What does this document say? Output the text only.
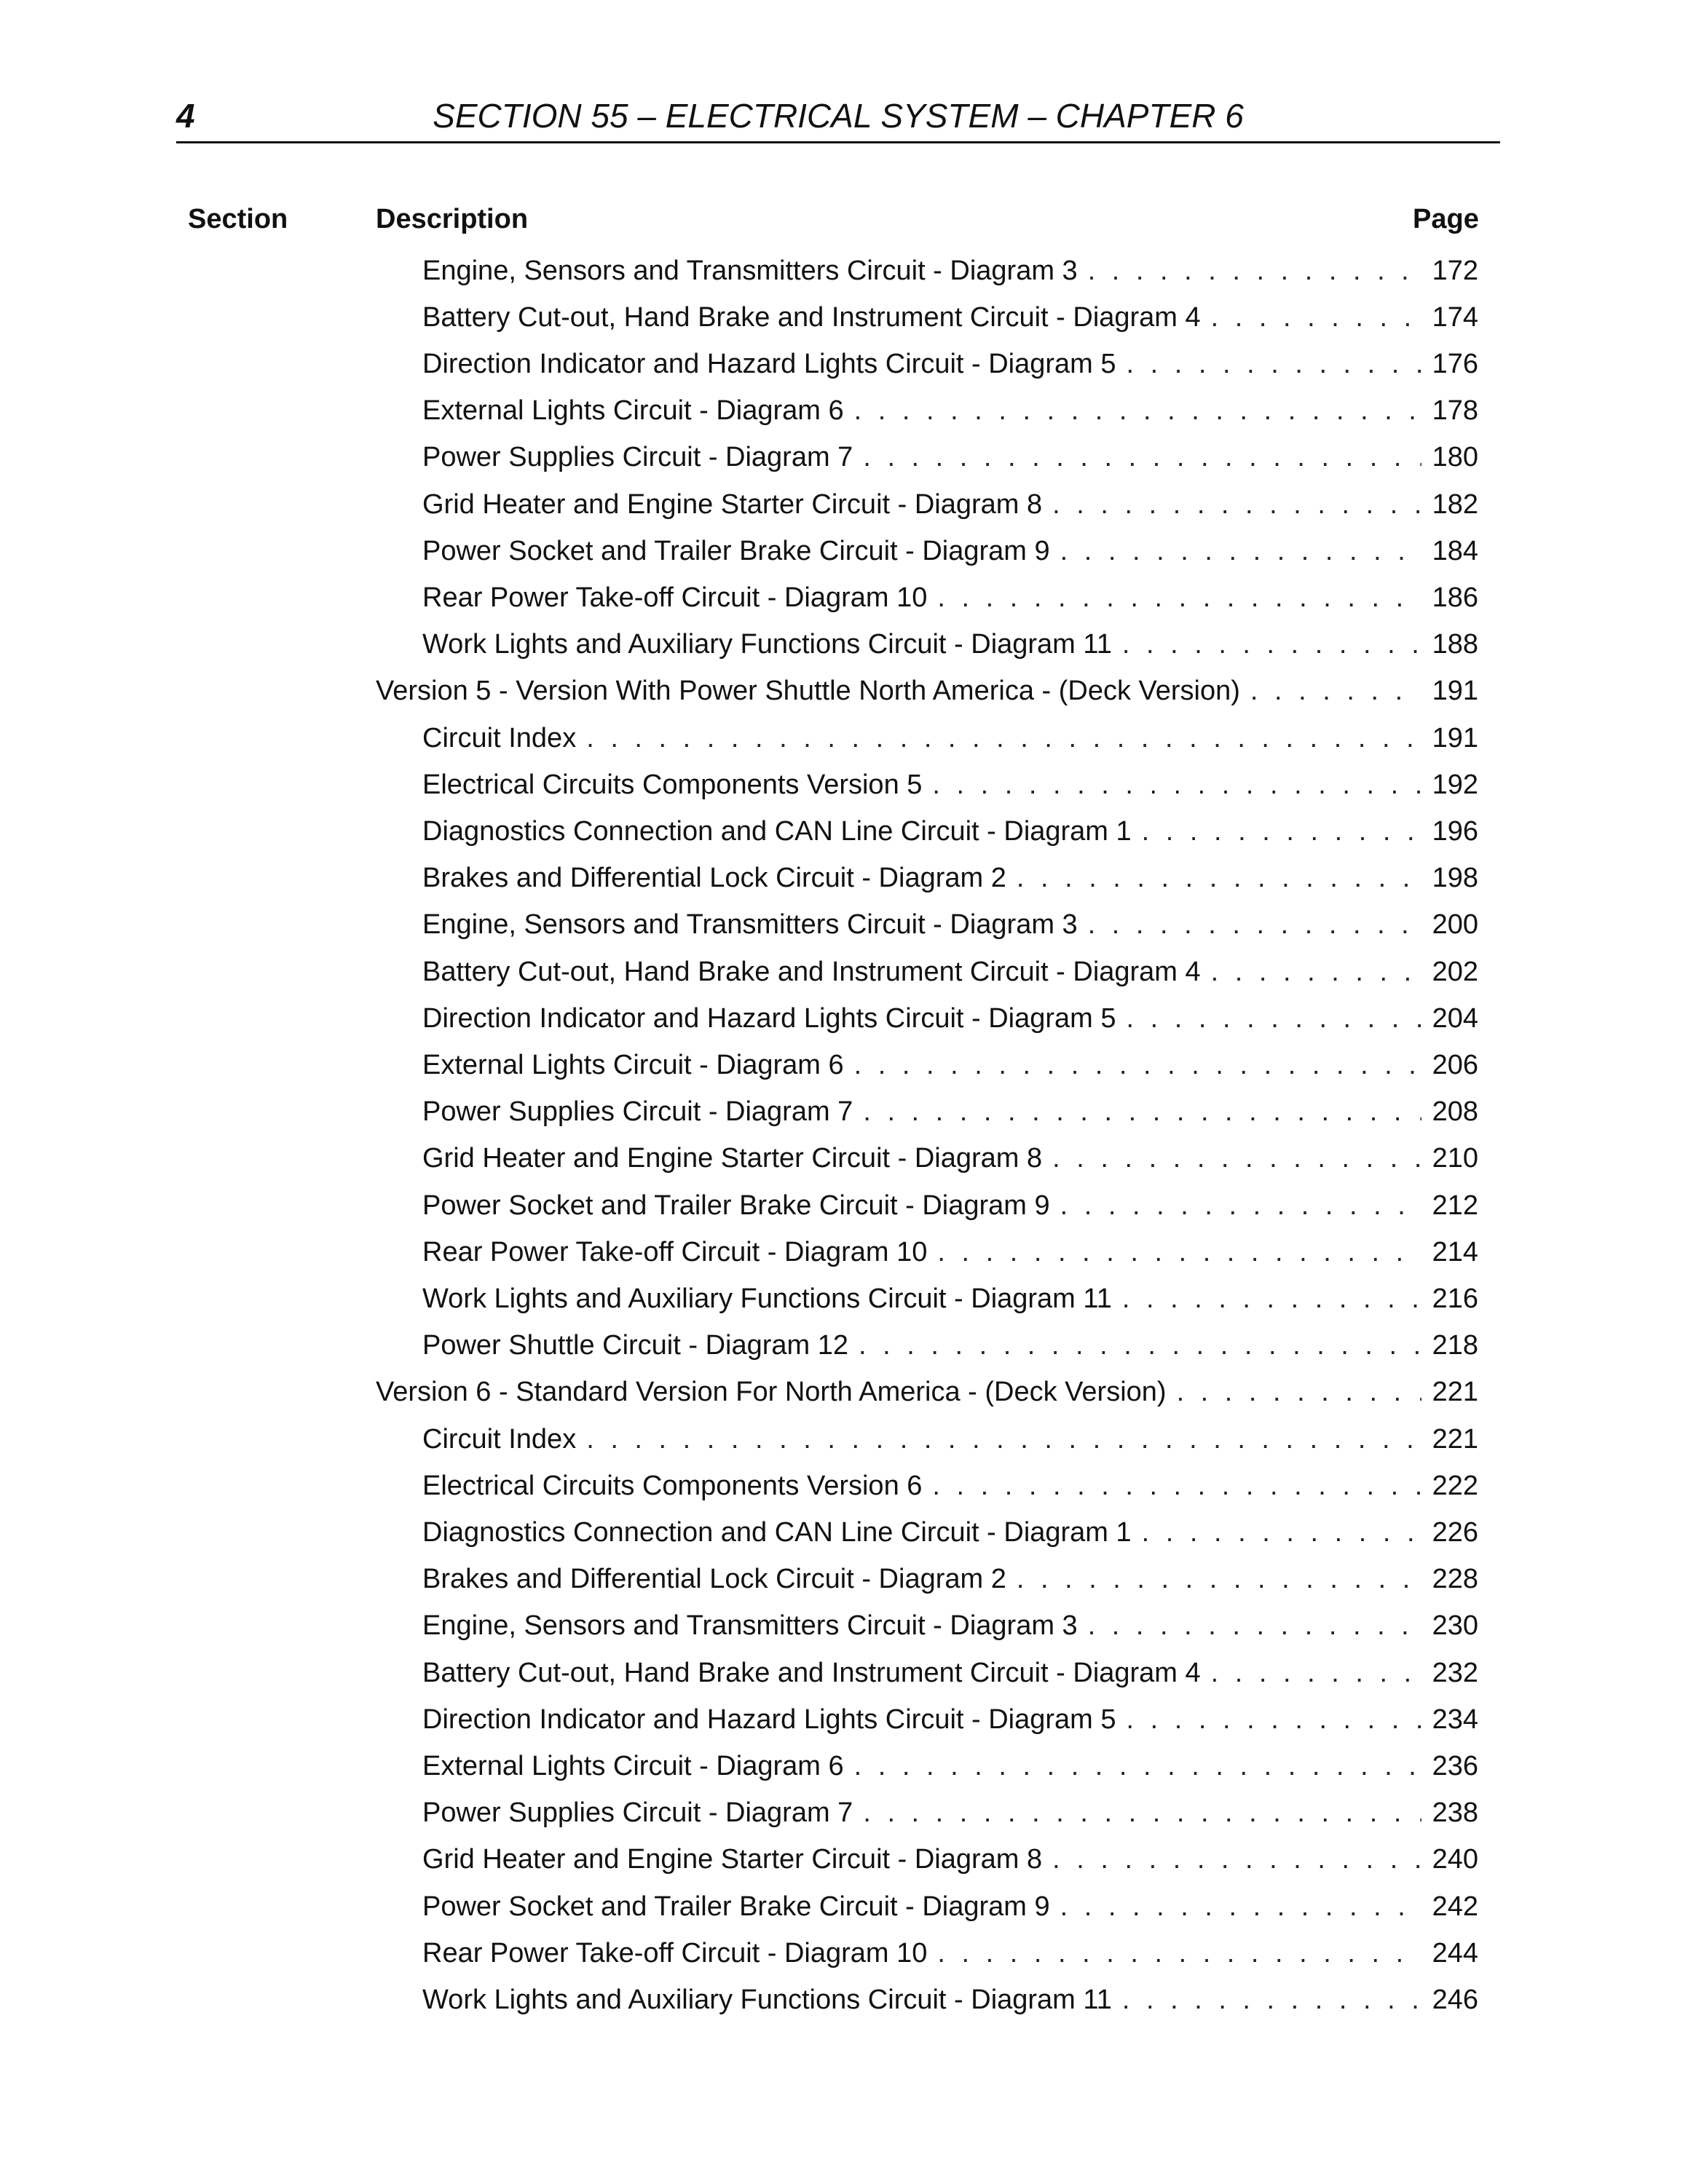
4	SECTION 55 – ELECTRICAL SYSTEM – CHAPTER 6
Section	Description	Page
Engine, Sensors and Transmitters Circuit - Diagram 3 . . .	172
Battery Cut-out, Hand Brake and Instrument Circuit - Diagram 4 . . .	174
Direction Indicator and Hazard Lights Circuit - Diagram 5 . . .	176
External Lights Circuit - Diagram 6 . . .	178
Power Supplies Circuit - Diagram 7 . . .	180
Grid Heater and Engine Starter Circuit - Diagram 8 . . .	182
Power Socket and Trailer Brake Circuit - Diagram 9 . . .	184
Rear Power Take-off Circuit - Diagram 10 . . .	186
Work Lights and Auxiliary Functions Circuit - Diagram 11 . . .	188
Version 5 - Version With Power Shuttle North America - (Deck Version) . . .	191
Circuit Index . . .	191
Electrical Circuits Components Version 5 . . .	192
Diagnostics Connection and CAN Line Circuit - Diagram 1 . . .	196
Brakes and Differential Lock Circuit - Diagram 2 . . .	198
Engine, Sensors and Transmitters Circuit - Diagram 3 . . .	200
Battery Cut-out, Hand Brake and Instrument Circuit - Diagram 4 . . .	202
Direction Indicator and Hazard Lights Circuit - Diagram 5 . . .	204
External Lights Circuit - Diagram 6 . . .	206
Power Supplies Circuit - Diagram 7 . . .	208
Grid Heater and Engine Starter Circuit - Diagram 8 . . .	210
Power Socket and Trailer Brake Circuit - Diagram 9 . . .	212
Rear Power Take-off Circuit - Diagram 10 . . .	214
Work Lights and Auxiliary Functions Circuit - Diagram 11 . . .	216
Power Shuttle Circuit - Diagram 12 . . .	218
Version 6 - Standard Version For North America - (Deck Version) . . .	221
Circuit Index . . .	221
Electrical Circuits Components Version 6 . . .	222
Diagnostics Connection and CAN Line Circuit - Diagram 1 . . .	226
Brakes and Differential Lock Circuit - Diagram 2 . . .	228
Engine, Sensors and Transmitters Circuit - Diagram 3 . . .	230
Battery Cut-out, Hand Brake and Instrument Circuit - Diagram 4 . . .	232
Direction Indicator and Hazard Lights Circuit - Diagram 5 . . .	234
External Lights Circuit - Diagram 6 . . .	236
Power Supplies Circuit - Diagram 7 . . .	238
Grid Heater and Engine Starter Circuit - Diagram 8 . . .	240
Power Socket and Trailer Brake Circuit - Diagram 9 . . .	242
Rear Power Take-off Circuit - Diagram 10 . . .	244
Work Lights and Auxiliary Functions Circuit - Diagram 11 . . .	246
